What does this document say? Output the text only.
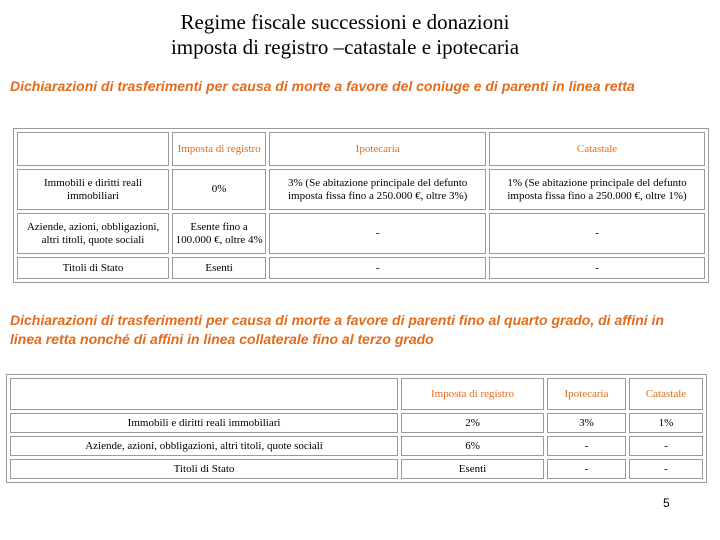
Regime fiscale successioni e donazioni
imposta di registro –catastale e ipotecaria
Dichiarazioni di trasferimenti per causa di morte a favore del coniuge e di parenti in linea retta
	Imposta di registro	Ipotecaria	Catastale
Immobili e diritti reali immobiliari	0%	3% (Se abitazione principale del defunto imposta fissa fino a 250.000 €, oltre 3%)	1% (Se abitazione principale del defunto imposta fissa fino a 250.000 €, oltre 1%)
Aziende, azioni, obbligazioni, altri titoli, quote sociali	Esente fino a 100.000 €, oltre 4%	-	-
Titoli di Stato	Esenti	-	-
Dichiarazioni di trasferimenti per causa di morte a favore di parenti fino al quarto grado, di affini in linea retta nonché di affini in linea collaterale fino al terzo grado
	Imposta di registro	Ipotecaria	Catastale
Immobili e diritti reali immobiliari	2%	3%	1%
Aziende, azioni, obbligazioni, altri titoli, quote sociali	6%	-	-
Titoli di Stato	Esenti	-	-
5
